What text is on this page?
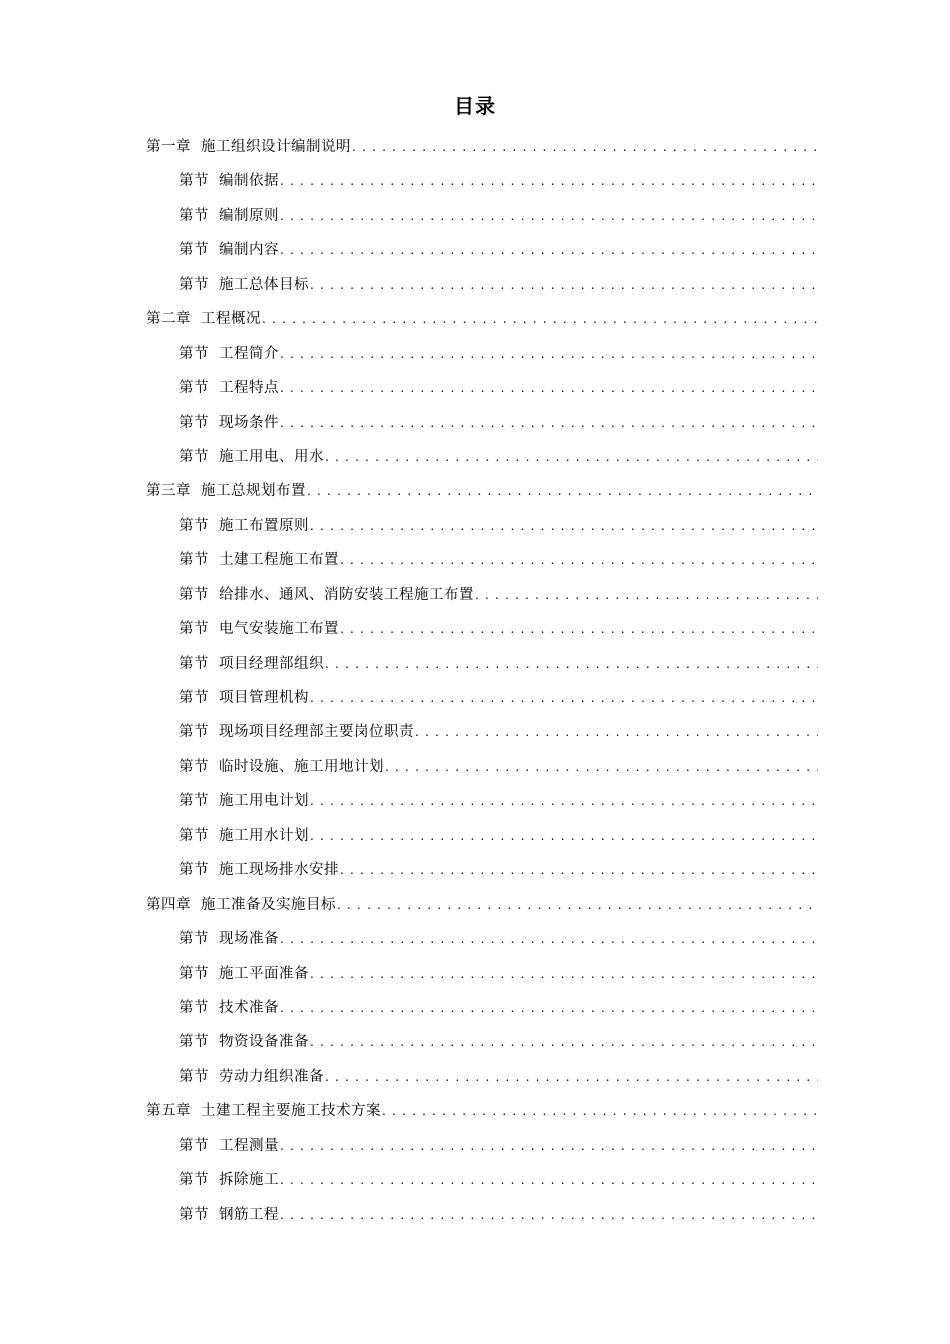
目录
第一章 施工组织设计编制说明
. . .
第节 编制依据
. . .
第节 编制原则
. . .
第节 编制内容
. . .
第节 施工总体目标
. . .
第二章 工程概况
. . .
第节 工程简介
. . .
第节 工程特点
. . .
第节 现场条件
. . .
第节 施工用电、用水
. . .
第三章 施工总规划布置
. . .
第节 施工布置原则
. . .
第节 土建工程施工布置
. . .
第节 给排水、通风、消防安装工程施工布置
. . .
第节 电气安装施工布置
. . .
第节 项目经理部组织
. . .
第节 项目管理机构
. . .
第节 现场项目经理部主要岗位职责
. . .
第节 临时设施、施工用地计划
. . .
第节 施工用电计划
. . .
第节 施工用水计划
. . .
第节 施工现场排水安排
. . .
第四章 施工准备及实施目标
. . .
第节 现场准备
. . .
第节 施工平面准备
. . .
第节 技术准备
. . .
第节 物资设备准备
. . .
第节 劳动力组织准备
. . .
第五章 土建工程主要施工技术方案
. . .
第节 工程测量
. . .
第节 拆除施工
. . .
第节 钢筋工程
. . .
